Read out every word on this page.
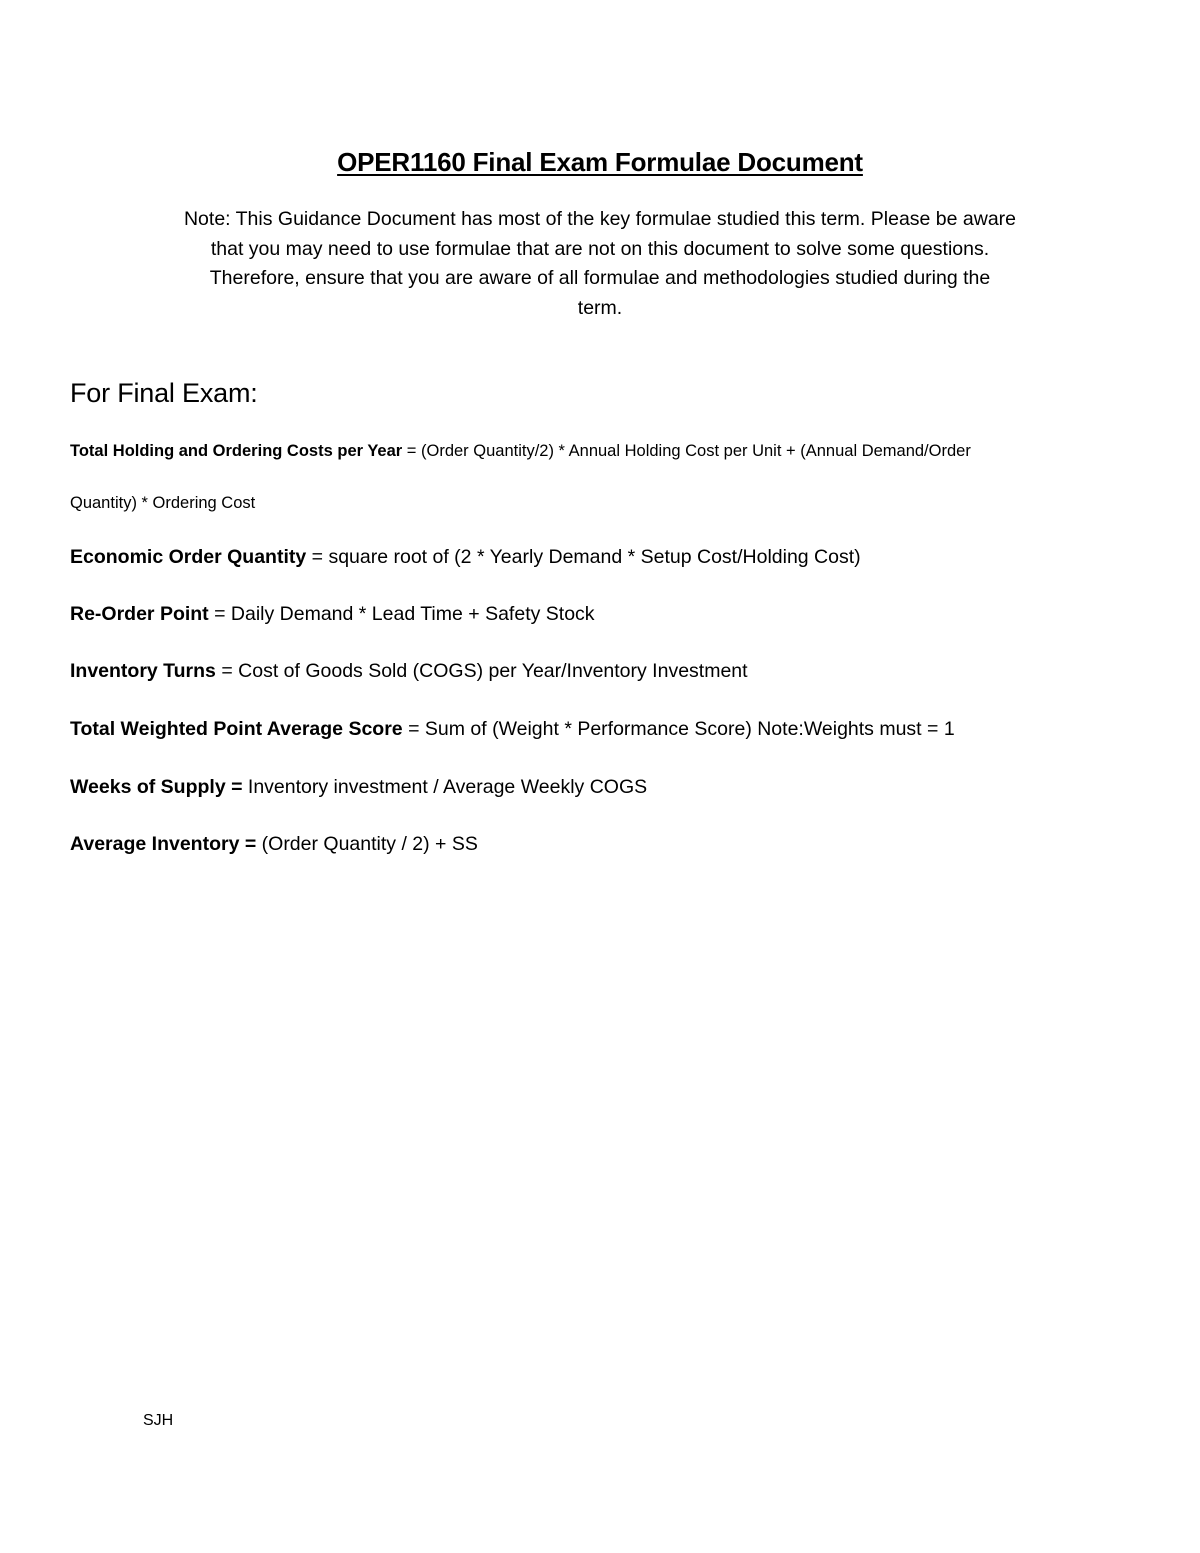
OPER1160 Final Exam Formulae Document
Note: This Guidance Document has most of the key formulae studied this term. Please be aware
that you may need to use formulae that are not on this document to solve some questions.
Therefore, ensure that you are aware of all formulae and methodologies studied during the
term.
For Final Exam:
Total Holding and Ordering Costs per Year = (Order Quantity/2) * Annual Holding Cost per Unit + (Annual Demand/Order
Quantity) * Ordering Cost
Economic Order Quantity = square root of (2 * Yearly Demand * Setup Cost/Holding Cost)
Re-Order Point = Daily Demand * Lead Time + Safety Stock
Inventory Turns = Cost of Goods Sold (COGS) per Year/Inventory Investment
Total Weighted Point Average Score = Sum of (Weight * Performance Score) Note:Weights must = 1
Weeks of Supply = Inventory investment / Average Weekly COGS
Average Inventory = (Order Quantity / 2) + SS
SJH
